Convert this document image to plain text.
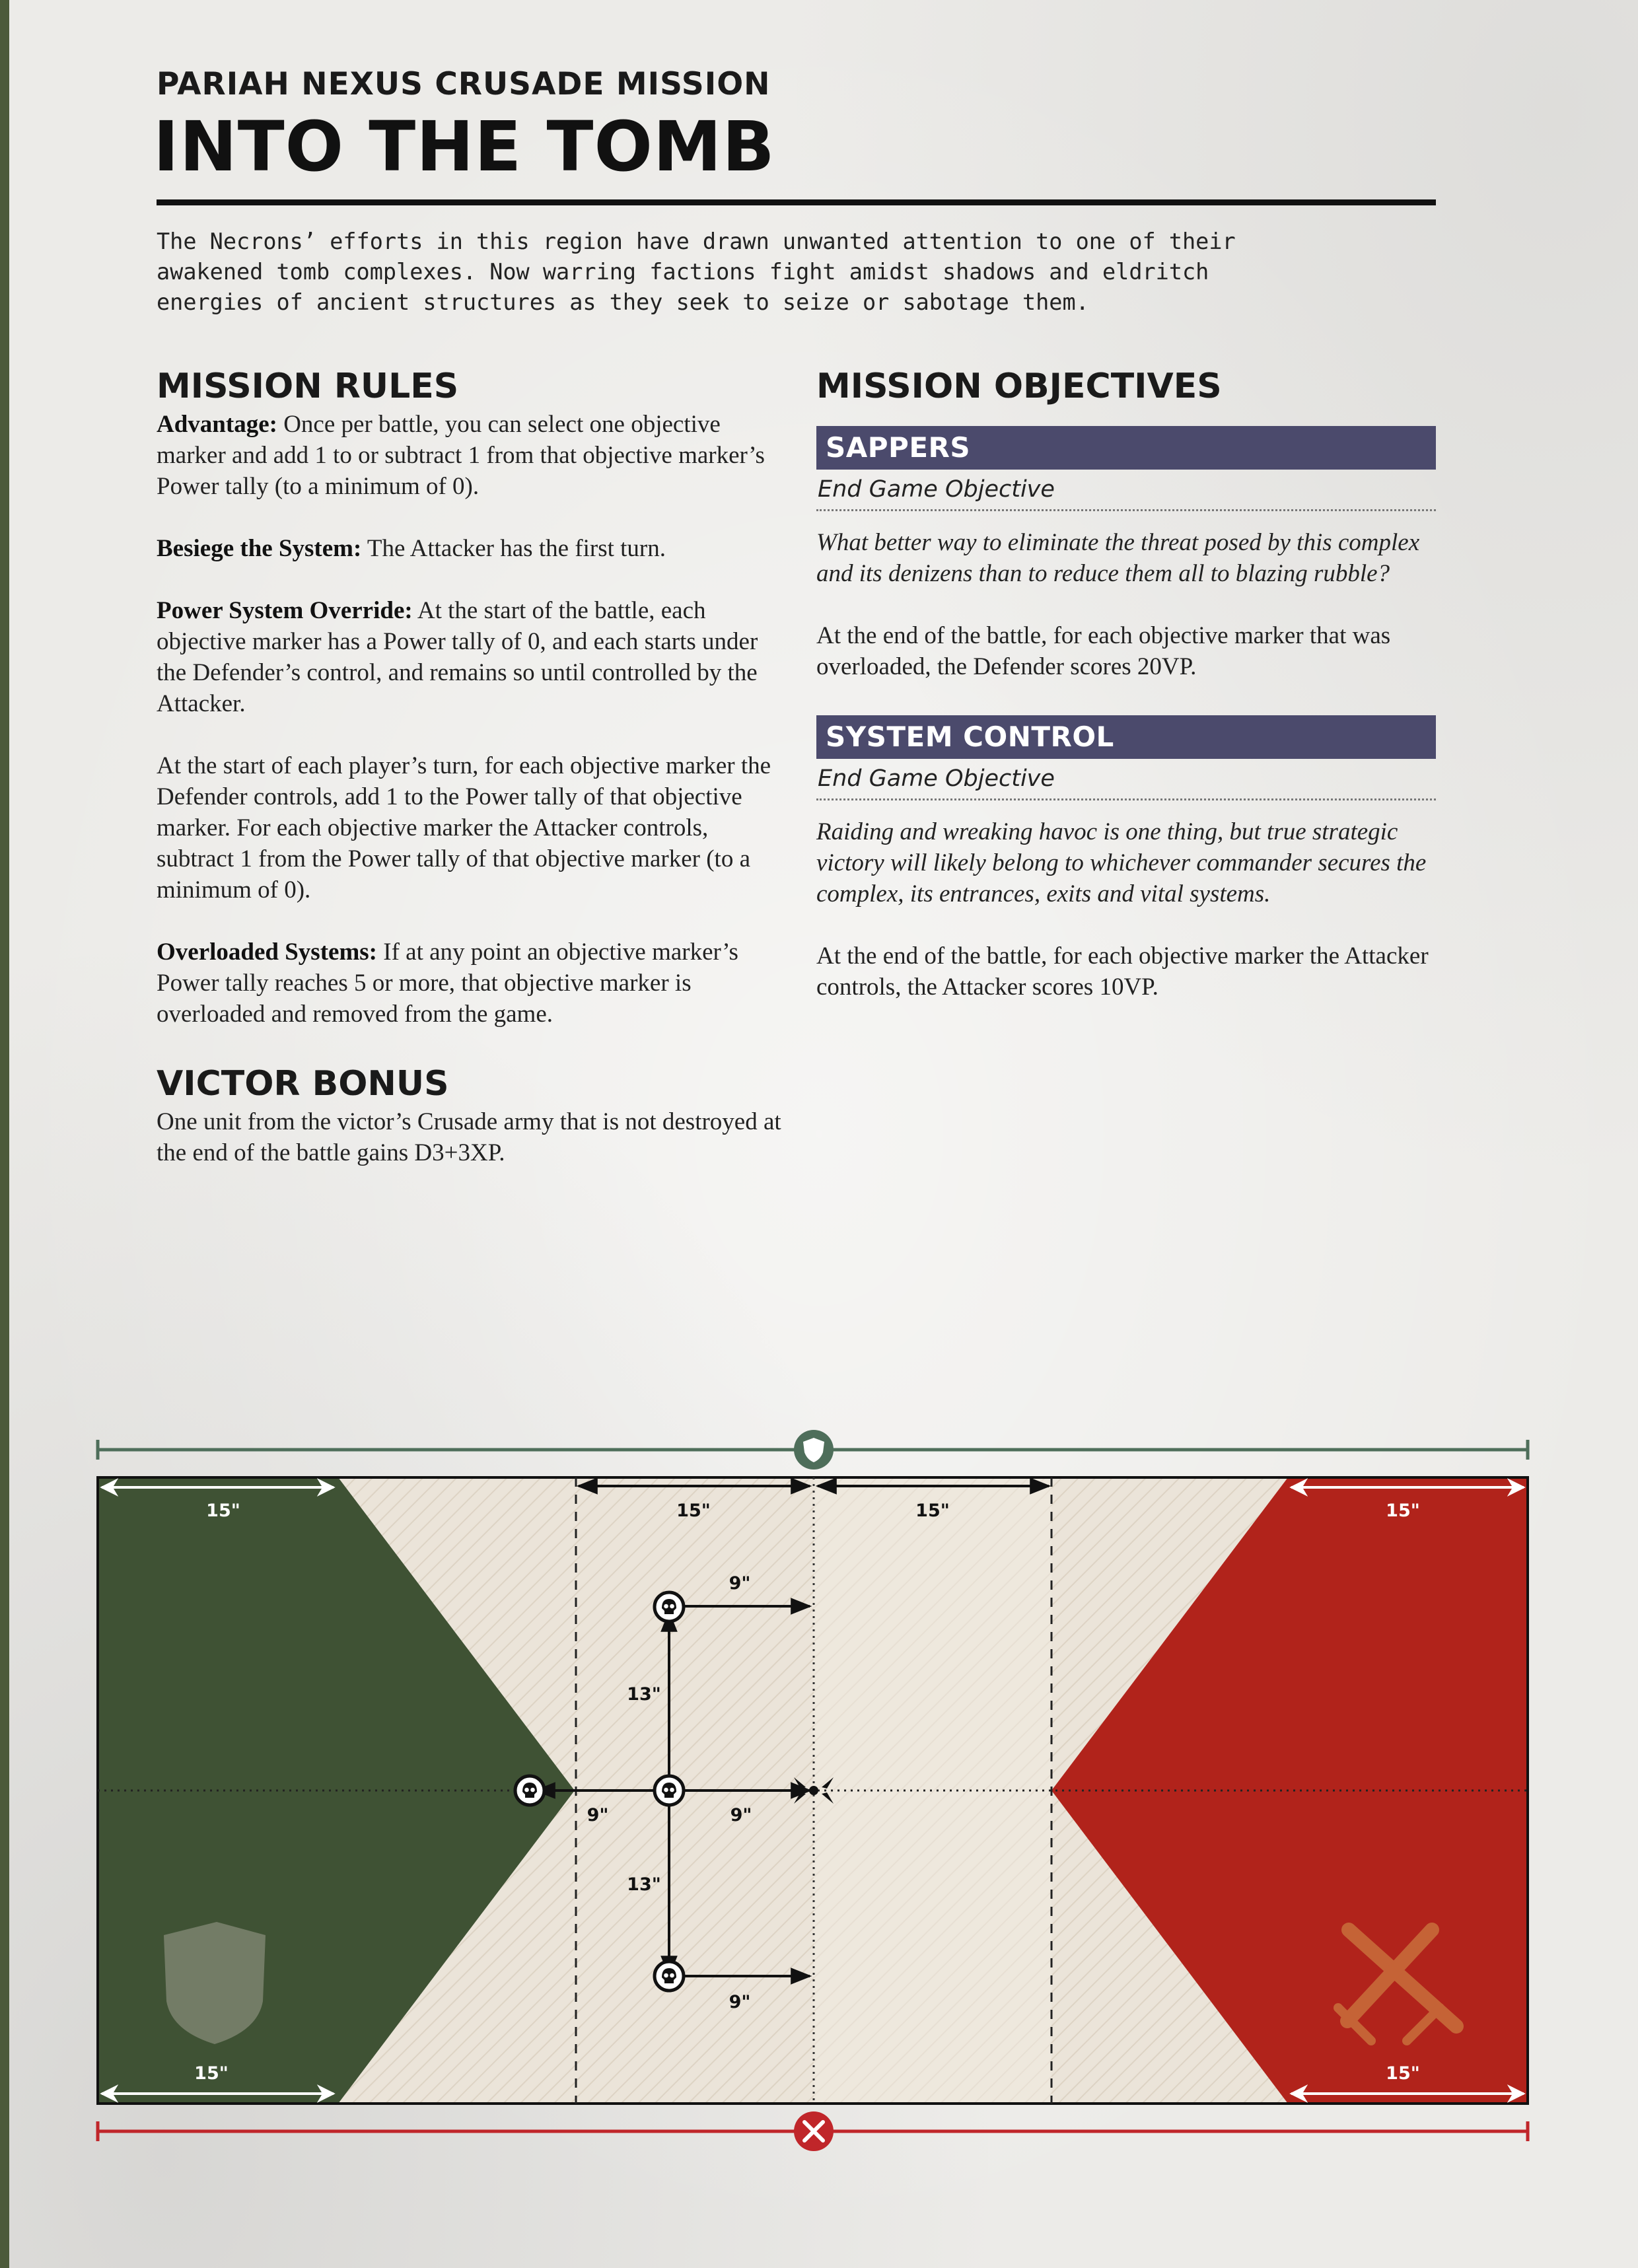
PARIAH NEXUS CRUSADE MISSION
INTO THE TOMB
The Necrons’ efforts in this region have drawn unwanted attention to one of their
awakened tomb complexes. Now warring factions fight amidst shadows and eldritch
energies of ancient structures as they seek to seize or sabotage them.
MISSION RULES

Advantage: Once per battle, you can select one objective marker and add 1 to or subtract 1 from that objective marker’s Power tally (to a minimum of 0).

Besiege the System: The Attacker has the first turn.

Power System Override: At the start of the battle, each objective marker has a Power tally of 0, and each starts under the Defender’s control, and remains so until controlled by the Attacker.

At the start of each player’s turn, for each objective marker the Defender controls, add 1 to the Power tally of that objective marker. For each objective marker the Attacker controls, subtract 1 from the Power tally of that objective marker (to a minimum of 0).

Overloaded Systems: If at any point an objective marker’s Power tally reaches 5 or more, that objective marker is overloaded and removed from the game.

VICTOR BONUS

One unit from the victor’s Crusade army that is not destroyed at the end of the battle gains D3+3XP.

MISSION OBJECTIVES
SAPPERS
End Game Objective

What better way to eliminate the threat posed by this complex and its denizens than to reduce them all to blazing rubble?

At the end of the battle, for each objective marker that was overloaded, the Defender scores 20VP.

SYSTEM CONTROL
End Game Objective

Raiding and wreaking havoc is one thing, but true strategic victory will likely belong to whichever commander secures the complex, its entrances, exits and vital systems.

At the end of the battle, for each objective marker the Attacker controls, the Attacker scores 10VP.

15"
15"
15"
15"
15"	15"
9"
9"
9"	9"
13"
13"
